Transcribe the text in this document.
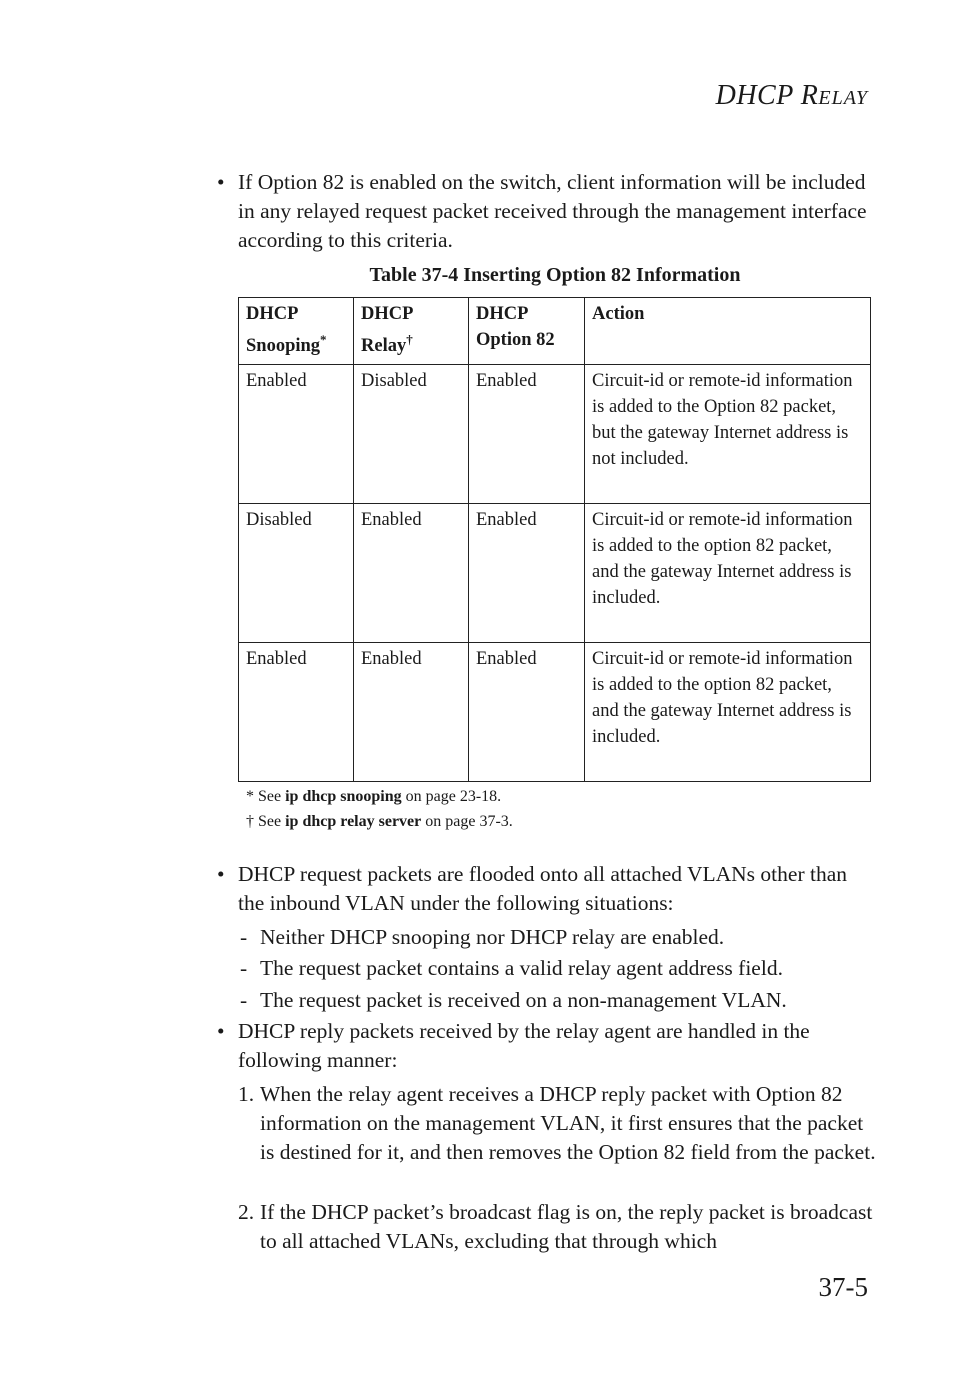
DHCP RELAY
• If Option 82 is enabled on the switch, client information will be included in any relayed request packet received through the management interface according to this criteria.
Table 37-4 Inserting Option 82 Information
DHCP Snooping*	DHCP Relay†	DHCP Option 82	Action
Enabled	Disabled	Enabled	Circuit-id or remote-id information is added to the Option 82 packet, but the gateway Internet address is not included.
Disabled	Enabled	Enabled	Circuit-id or remote-id information is added to the option 82 packet, and the gateway Internet address is included.
Enabled	Enabled	Enabled	Circuit-id or remote-id information is added to the option 82 packet, and the gateway Internet address is included.
* See ip dhcp snooping on page 23-18.
† See ip dhcp relay server on page 37-3.
• DHCP request packets are flooded onto all attached VLANs other than the inbound VLAN under the following situations:
- Neither DHCP snooping nor DHCP relay are enabled.
- The request packet contains a valid relay agent address field.
- The request packet is received on a non-management VLAN.
• DHCP reply packets received by the relay agent are handled in the following manner:
1. When the relay agent receives a DHCP reply packet with Option 82 information on the management VLAN, it first ensures that the packet is destined for it, and then removes the Option 82 field from the packet.
2. If the DHCP packet’s broadcast flag is on, the reply packet is broadcast to all attached VLANs, excluding that through which
37-5
